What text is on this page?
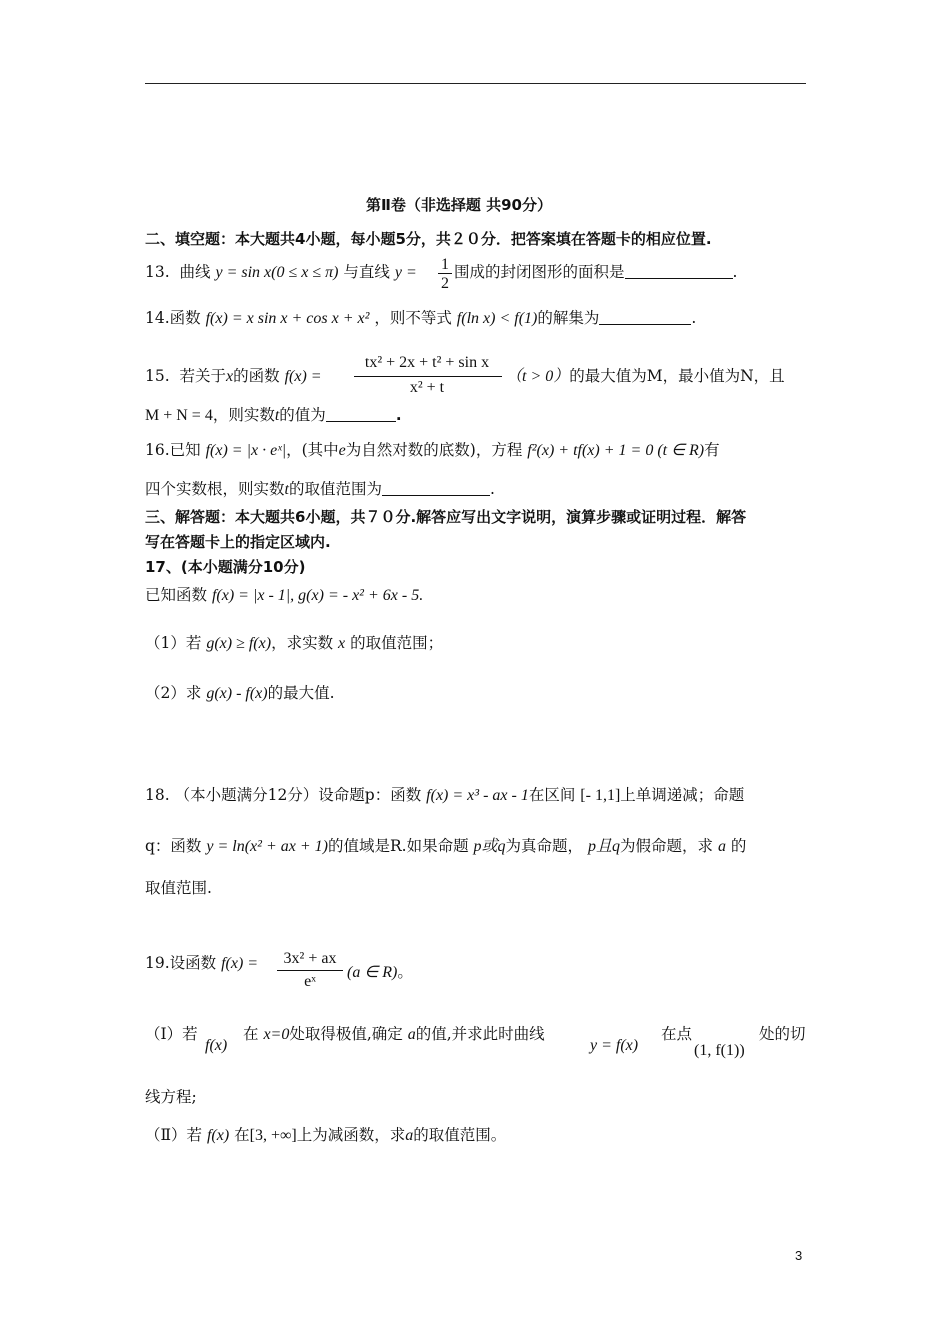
第Ⅱ卷（非选择题 共90分）
二、填空题：本大题共4小题，每小题5分，共２０分．把答案填在答题卡的相应位置.
13. 曲线 y = sin x(0 ≤ x ≤ π) 与直线 y = 1
2
围成的封闭图形的面积是	.
14.函数 f(x) = x sin x + cos x + x² ，则不等式 f(ln x) < f(1)的解集为	.
15. 若关于x的函数 f(x) =
tx² + 2x + t² + sin x
x² + t
（t > 0）的最大值为M，最小值为N，且
M + N = 4，则实数t的值为	.
16.已知 f(x) = |x · eˣ|，(其中e为自然对数的底数)，方程 f²(x) + tf(x) + 1 = 0 (t ∈ R)有
四个实数根，则实数t的取值范围为	.
三、解答题：本大题共6小题，共７０分.解答应写出文字说明，演算步骤或证明过程．解答
写在答题卡上的指定区域内.
17、(本小题满分10分)
已知函数 f(x) = |x - 1|, g(x) = - x² + 6x - 5.
（1）若 g(x) ≥ f(x)，求实数 x 的取值范围；
（2）求 g(x) - f(x)的最大值.
18. （本小题满分12分）设命题p：函数 f(x) = x³ - ax - 1在区间 [- 1,1]上单调递减；命题
q：函数 y = ln(x² + ax + 1)的值域是R.如果命题 p或q为真命题， p且q为假命题，求 a 的
取值范围.
19.设函数 f(x) =	3x² + ax
eˣ
(a ∈ R)。
（Ⅰ）若
f(x)
在 x=0处取得极值,确定 a的值,并求此时曲线
y = f(x)
在点
(1, f(1))
处的切
线方程;
（Ⅱ）若 f(x) 在[3, +∞]上为减函数，求a的取值范围。
3
